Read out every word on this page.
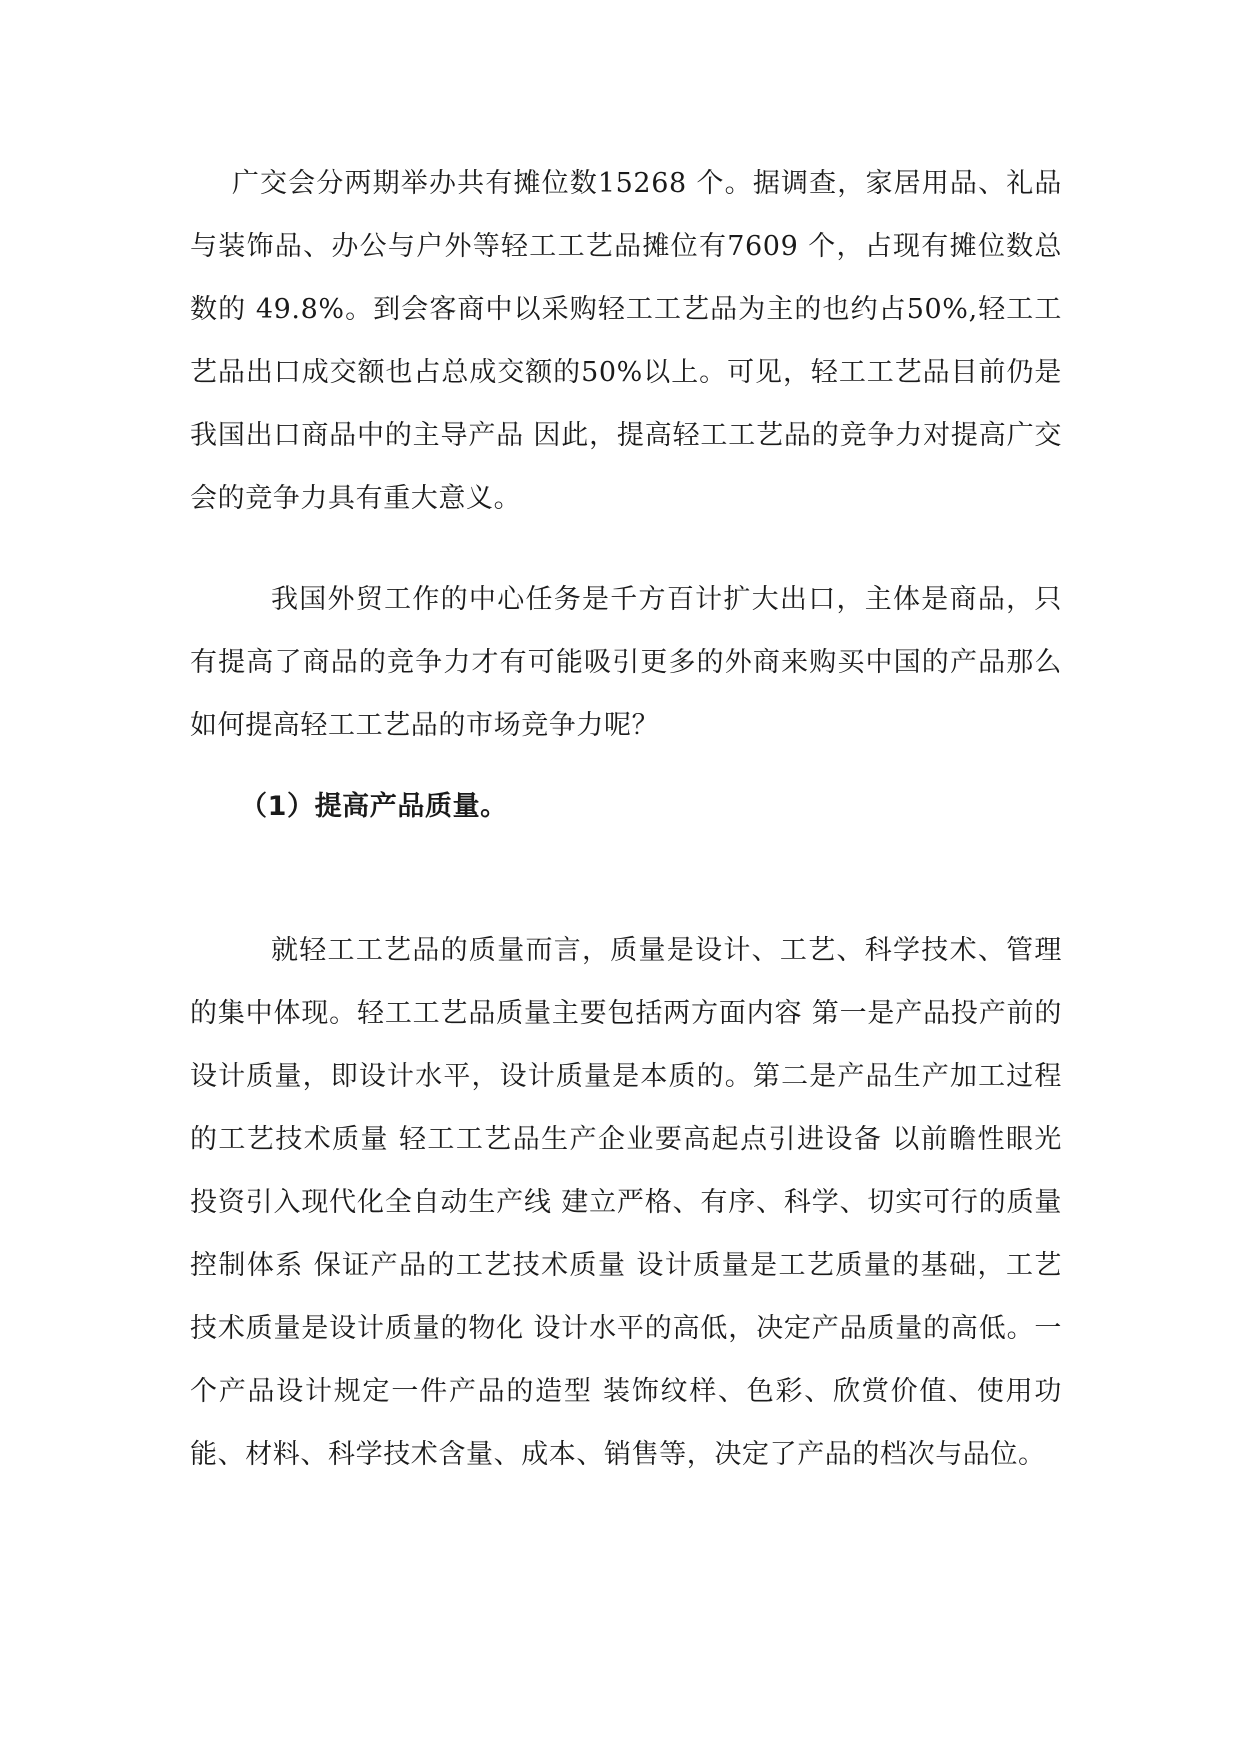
广交会分两期举办共有摊位数15268 个。据调查，家居用品、礼品与装饰品、办公与户外等轻工工艺品摊位有7609 个，占现有摊位数总数的 49.8%。到会客商中以采购轻工工艺品为主的也约占50%,轻工工艺品出口成交额也占总成交额的50%以上。可见，轻工工艺品目前仍是我国出口商品中的主导产品 因此，提高轻工工艺品的竞争力对提高广交会的竞争力具有重大意义。

我国外贸工作的中心任务是千方百计扩大出口，主体是商品，只有提高了商品的竞争力才有可能吸引更多的外商来购买中国的产品那么如何提高轻工工艺品的市场竞争力呢？

（1）提高产品质量。

就轻工工艺品的质量而言，质量是设计、工艺、科学技术、管理的集中体现。轻工工艺品质量主要包括两方面内容 第一是产品投产前的设计质量，即设计水平，设计质量是本质的。第二是产品生产加工过程的工艺技术质量 轻工工艺品生产企业要高起点引进设备 以前瞻性眼光投资引入现代化全自动生产线 建立严格、有序、科学、切实可行的质量控制体系 保证产品的工艺技术质量 设计质量是工艺质量的基础，工艺技术质量是设计质量的物化 设计水平的高低，决定产品质量的高低。一个产品设计规定一件产品的造型 装饰纹样、色彩、欣赏价值、使用功能、材料、科学技术含量、成本、销售等，决定了产品的档次与品位。
